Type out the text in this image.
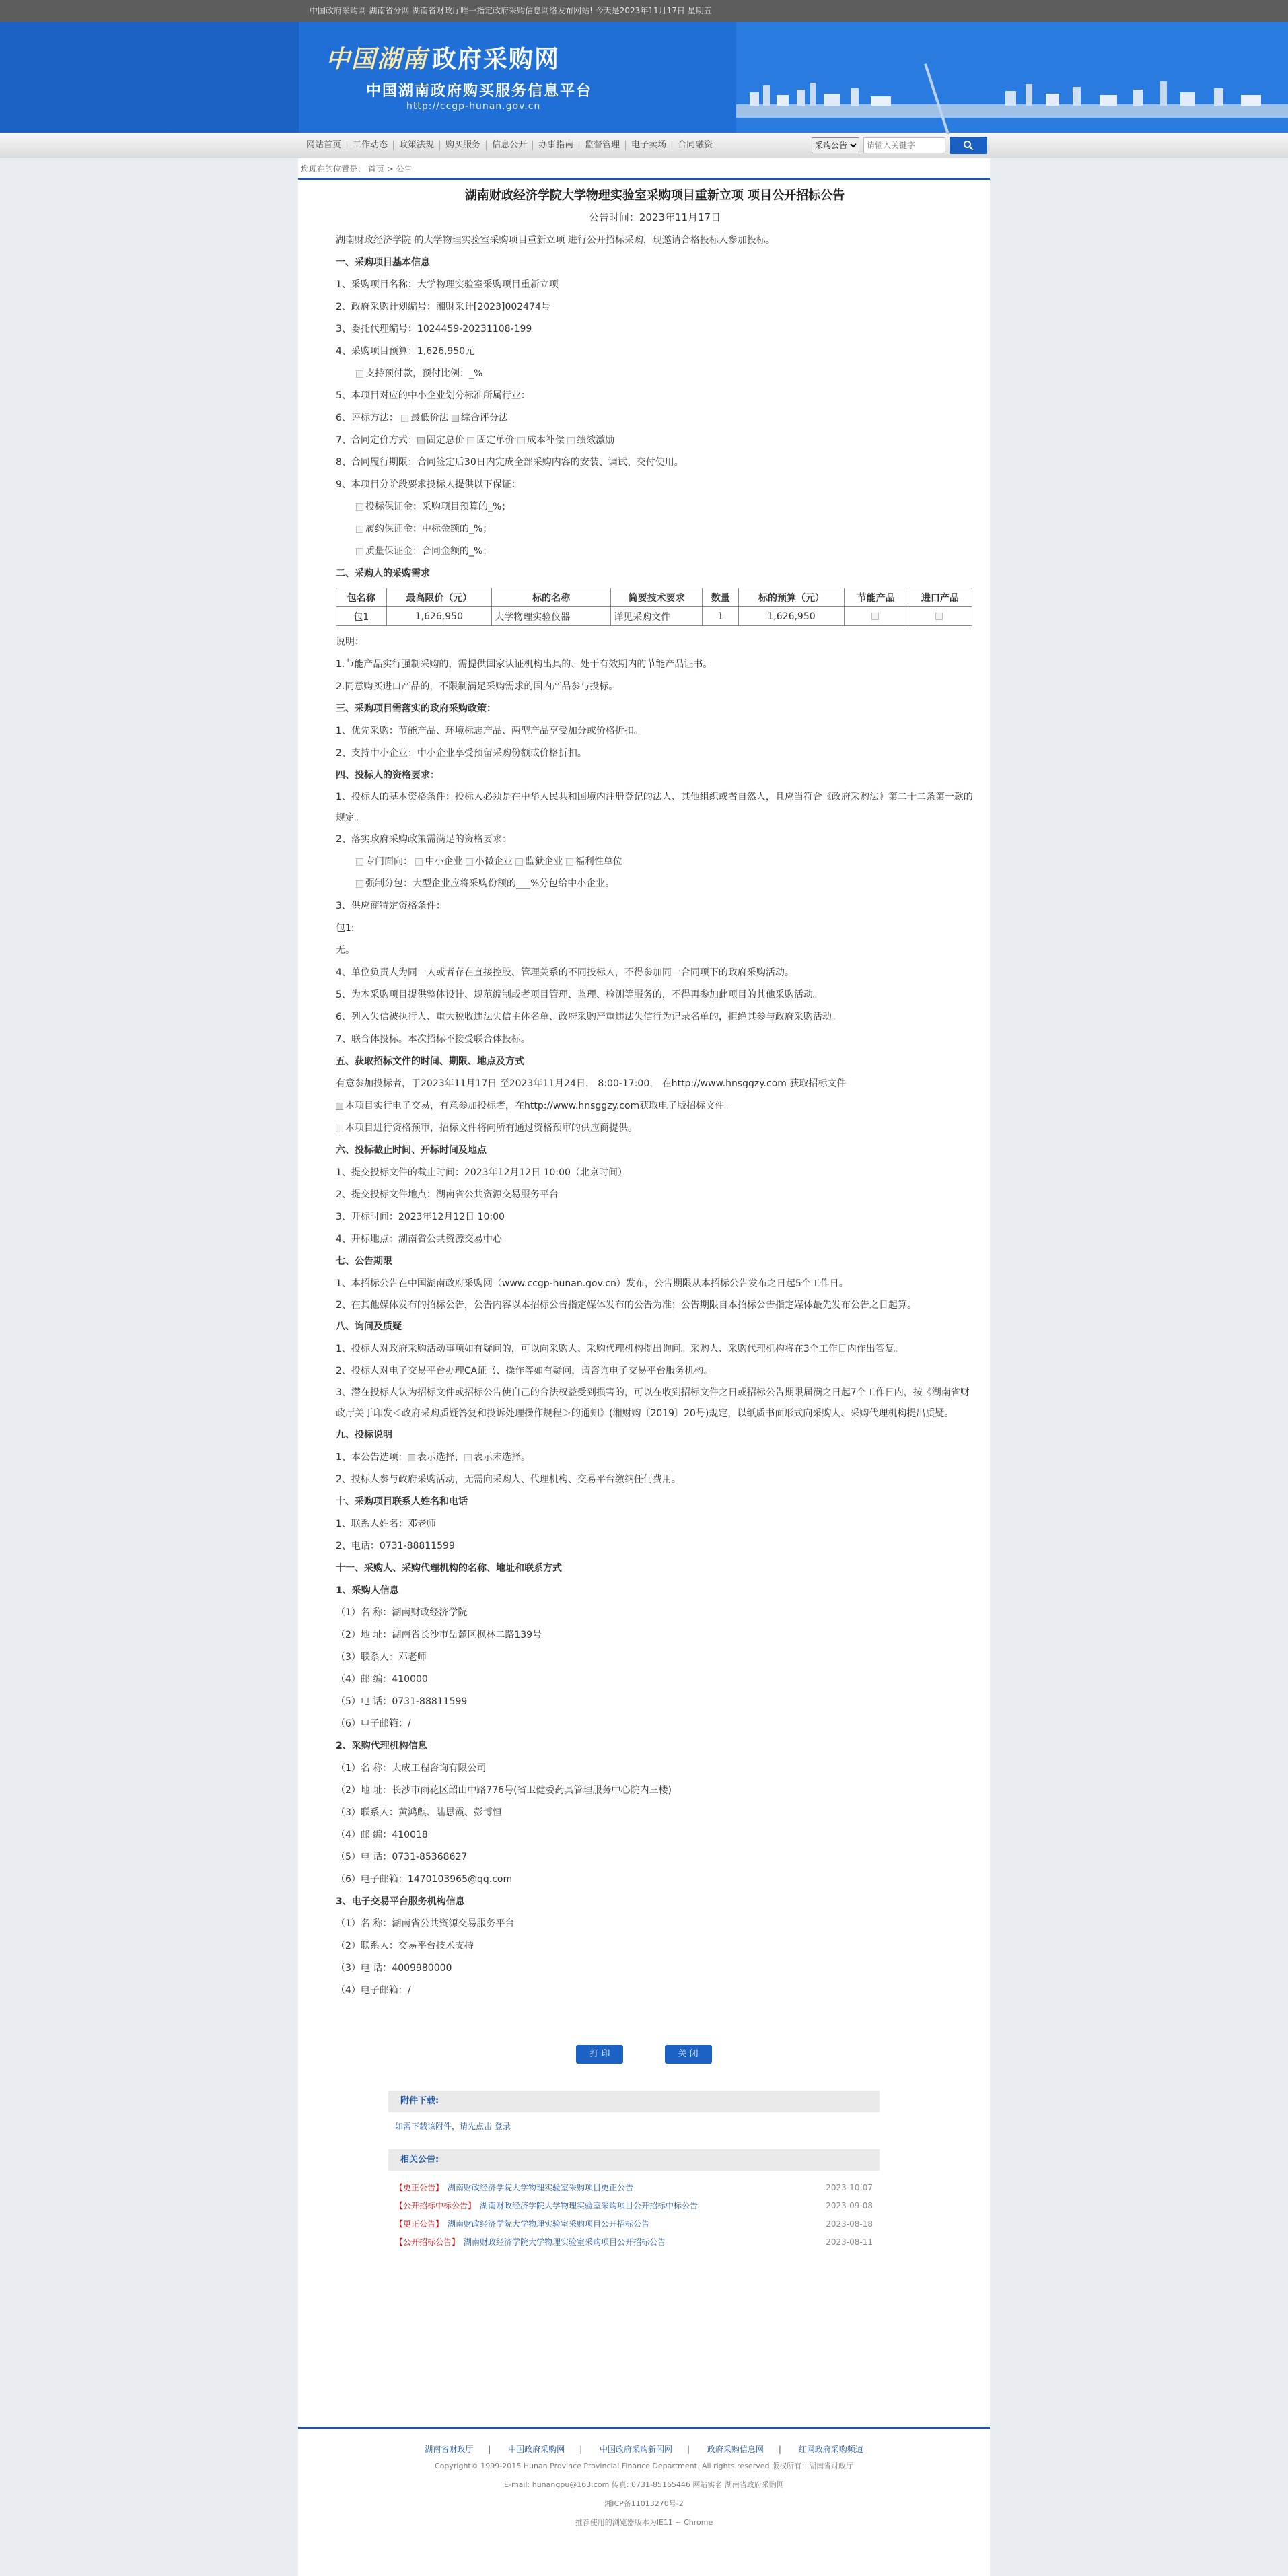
中国政府采购网-湖南省分网 湖南省财政厅唯一指定政府采购信息网络发布网站! 今天是2023年11月17日 星期五
中国湖南 政府采购网
中国湖南政府购买服务信息平台
http://ccgp-hunan.gov.cn
网站首页	工作动态	政策法规	购买服务	信息公开	办事指南	监督管理	电子卖场	合同融资
采购公告
请输入关键字
您现在的位置是： 首页 > 公告
湖南财政经济学院大学物理实验室采购项目重新立项 项目公开招标公告
公告时间：2023年11月17日
湖南财政经济学院 的大学物理实验室采购项目重新立项 进行公开招标采购，现邀请合格投标人参加投标。
一、采购项目基本信息
1、采购项目名称：大学物理实验室采购项目重新立项
2、政府采购计划编号：湘财采计[2023]002474号
3、委托代理编号：1024459-20231108-199
4、采购项目预算：1,626,950元
支持预付款，预付比例：_%
5、本项目对应的中小企业划分标准所属行业：
6、评标方法： 最低价法 综合评分法
7、合同定价方式： 固定总价 固定单价 成本补偿 绩效激励
8、合同履行期限：合同签定后30日内完成全部采购内容的安装、调试、交付使用。
9、本项目分阶段要求投标人提供以下保证：
投标保证金：采购项目预算的_%；
履约保证金：中标金额的_%；
质量保证金：合同金额的_%；
二、采购人的采购需求
包名称	最高限价（元）	标的名称	简要技术要求	数量	标的预算（元）	节能产品	进口产品
包1	1,626,950	大学物理实验仪器	详见采购文件	1	1,626,950		
说明：
1.节能产品实行强制采购的，需提供国家认证机构出具的、处于有效期内的节能产品证书。
2.同意购买进口产品的，不限制满足采购需求的国内产品参与投标。
三、采购项目需落实的政府采购政策：
1、优先采购：节能产品、环境标志产品、两型产品享受加分或价格折扣。
2、支持中小企业：中小企业享受预留采购份额或价格折扣。
四、投标人的资格要求：
1、投标人的基本资格条件：投标人必须是在中华人民共和国境内注册登记的法人、其他组织或者自然人，且应当符合《政府采购法》第二十二条第一款的规定。
2、落实政府采购政策需满足的资格要求：
专门面向： 中小企业 小微企业 监狱企业 福利性单位
强制分包：大型企业应将采购份额的___%分包给中小企业。
3、供应商特定资格条件：
包1:
无。
4、单位负责人为同一人或者存在直接控股、管理关系的不同投标人，不得参加同一合同项下的政府采购活动。
5、为本采购项目提供整体设计、规范编制或者项目管理、监理、检测等服务的，不得再参加此项目的其他采购活动。
6、列入失信被执行人、重大税收违法失信主体名单、政府采购严重违法失信行为记录名单的，拒绝其参与政府采购活动。
7、联合体投标。本次招标不接受联合体投标。
五、获取招标文件的时间、期限、地点及方式
有意参加投标者，于2023年11月17日 至2023年11月24日， 8:00-17:00， 在http://www.hnsggzy.com 获取招标文件
本项目实行电子交易，有意参加投标者，在http://www.hnsggzy.com获取电子版招标文件。
本项目进行资格预审，招标文件将向所有通过资格预审的供应商提供。
六、投标截止时间、开标时间及地点
1、提交投标文件的截止时间：2023年12月12日 10:00（北京时间）
2、提交投标文件地点：湖南省公共资源交易服务平台
3、开标时间：2023年12月12日 10:00
4、开标地点：湖南省公共资源交易中心
七、公告期限
1、本招标公告在中国湖南政府采购网（www.ccgp-hunan.gov.cn）发布，公告期限从本招标公告发布之日起5个工作日。
2、在其他媒体发布的招标公告，公告内容以本招标公告指定媒体发布的公告为准；公告期限自本招标公告指定媒体最先发布公告之日起算。
八、询问及质疑
1、投标人对政府采购活动事项如有疑问的，可以向采购人、采购代理机构提出询问。采购人、采购代理机构将在3个工作日内作出答复。
2、投标人对电子交易平台办理CA证书、操作等如有疑问，请咨询电子交易平台服务机构。
3、潜在投标人认为招标文件或招标公告使自己的合法权益受到损害的，可以在收到招标文件之日或招标公告期限届满之日起7个工作日内，按《湖南省财政厅关于印发＜政府采购质疑答复和投诉处理操作规程＞的通知》(湘财购〔2019〕20号)规定，以纸质书面形式向采购人、采购代理机构提出质疑。
九、投标说明
1、本公告选项： 表示选择， 表示未选择。
2、投标人参与政府采购活动，无需向采购人、代理机构、交易平台缴纳任何费用。
十、采购项目联系人姓名和电话
1、联系人姓名：邓老师
2、电话：0731-88811599
十一、采购人、采购代理机构的名称、地址和联系方式
1、采购人信息
（1）名 称：湖南财政经济学院
（2）地 址：湖南省长沙市岳麓区枫林二路139号
（3）联系人：邓老师
（4）邮 编：410000
（5）电 话：0731-88811599
（6）电子邮箱：/
2、采购代理机构信息
（1）名 称：大成工程咨询有限公司
（2）地 址：长沙市雨花区韶山中路776号(省卫健委药具管理服务中心院内三楼)
（3）联系人：黄鸿麒、陆思霞、彭博恒
（4）邮 编：410018
（5）电 话：0731-85368627
（6）电子邮箱：1470103965@qq.com
3、电子交易平台服务机构信息
（1）名 称：湖南省公共资源交易服务平台
（2）联系人：交易平台技术支持
（3）电 话：4009980000
（4）电子邮箱：/
打 印	关 闭
附件下载:
如需下载该附件，请先点击 登录
相关公告:
【更正公告】 湖南财政经济学院大学物理实验室采购项目更正公告	2023-10-07
【公开招标中标公告】 湖南财政经济学院大学物理实验室采购项目公开招标中标公告	2023-09-08
【更正公告】 湖南财政经济学院大学物理实验室采购项目公开招标公告	2023-08-18
【公开招标公告】 湖南财政经济学院大学物理实验室采购项目公开招标公告	2023-08-11
湖南省财政厅 | 中国政府采购网 | 中国政府采购新闻网 | 政府采购信息网 | 红网政府采购频道
Copyright© 1999-2015 Hunan Province Provincial Finance Department. All rights reserved 版权所有：湖南省财政厅
E-mail: hunangpu@163.com 传真: 0731-85165446 网站实名 湖南省政府采购网
湘ICP备11013270号-2
推荐使用的浏览器版本为IE11 ~ Chrome
